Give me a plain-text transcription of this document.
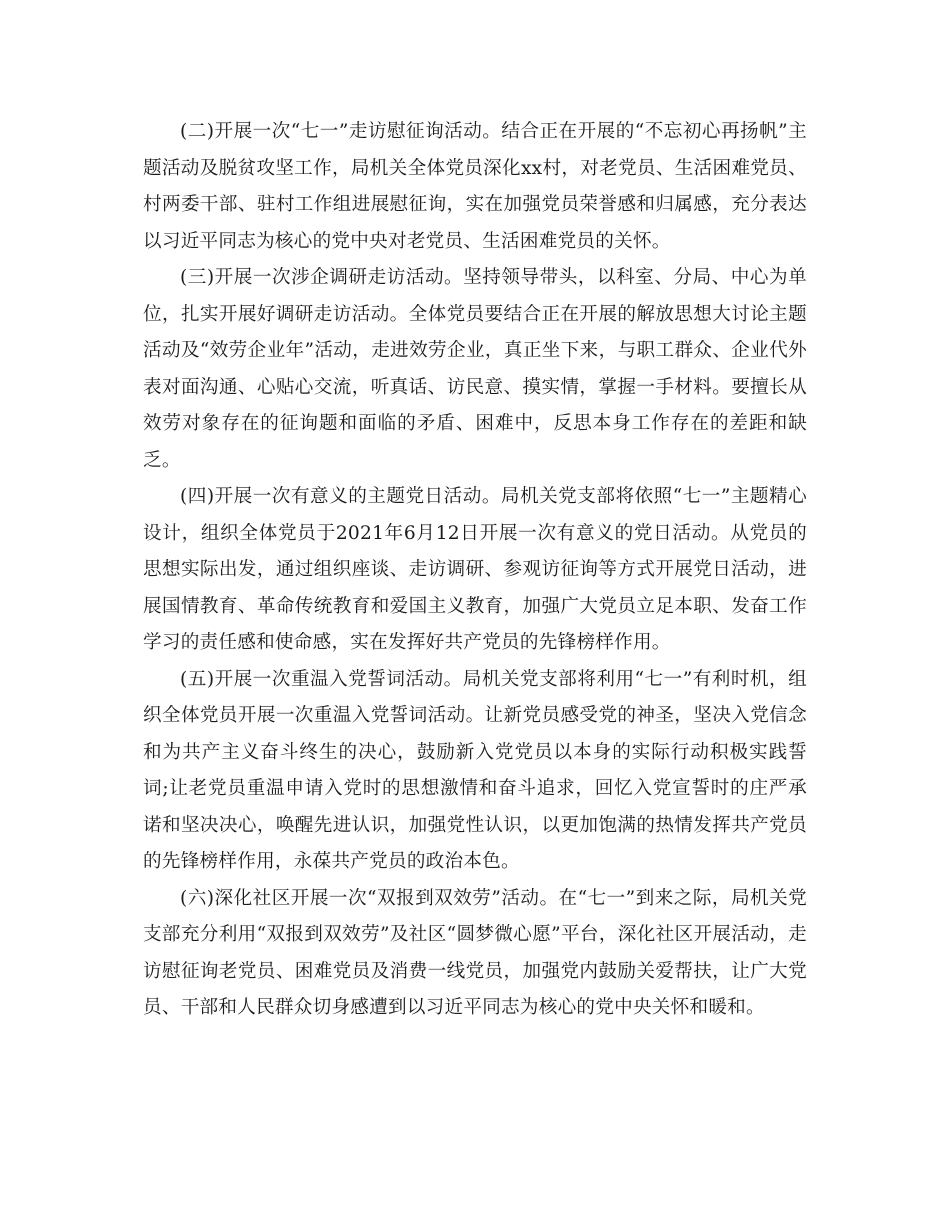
(二)开展一次“七一”走访慰征询活动。结合正在开展的“不忘初心再扬帆”主题活动及脱贫攻坚工作，局机关全体党员深化xx村，对老党员、生活困难党员、村两委干部、驻村工作组进展慰征询，实在加强党员荣誉感和归属感，充分表达以习近平同志为核心的党中央对老党员、生活困难党员的关怀。

(三)开展一次涉企调研走访活动。坚持领导带头，以科室、分局、中心为单位，扎实开展好调研走访活动。全体党员要结合正在开展的解放思想大讨论主题活动及“效劳企业年”活动，走进效劳企业，真正坐下来，与职工群众、企业代外表对面沟通、心贴心交流，听真话、访民意、摸实情，掌握一手材料。要擅长从效劳对象存在的征询题和面临的矛盾、困难中，反思本身工作存在的差距和缺乏。

(四)开展一次有意义的主题党日活动。局机关党支部将依照“七一”主题精心设计，组织全体党员于2021年6月12日开展一次有意义的党日活动。从党员的思想实际出发，通过组织座谈、走访调研、参观访征询等方式开展党日活动，进展国情教育、革命传统教育和爱国主义教育，加强广大党员立足本职、发奋工作学习的责任感和使命感，实在发挥好共产党员的先锋榜样作用。

(五)开展一次重温入党誓词活动。局机关党支部将利用“七一”有利时机，组织全体党员开展一次重温入党誓词活动。让新党员感受党的神圣，坚决入党信念和为共产主义奋斗终生的决心，鼓励新入党党员以本身的实际行动积极实践誓词;让老党员重温申请入党时的思想激情和奋斗追求，回忆入党宣誓时的庄严承诺和坚决决心，唤醒先进认识，加强党性认识，以更加饱满的热情发挥共产党员的先锋榜样作用，永葆共产党员的政治本色。

(六)深化社区开展一次“双报到双效劳”活动。在“七一”到来之际，局机关党支部充分利用“双报到双效劳”及社区“圆梦微心愿”平台，深化社区开展活动，走访慰征询老党员、困难党员及消费一线党员，加强党内鼓励关爱帮扶，让广大党员、干部和人民群众切身感遭到以习近平同志为核心的党中央关怀和暖和。
